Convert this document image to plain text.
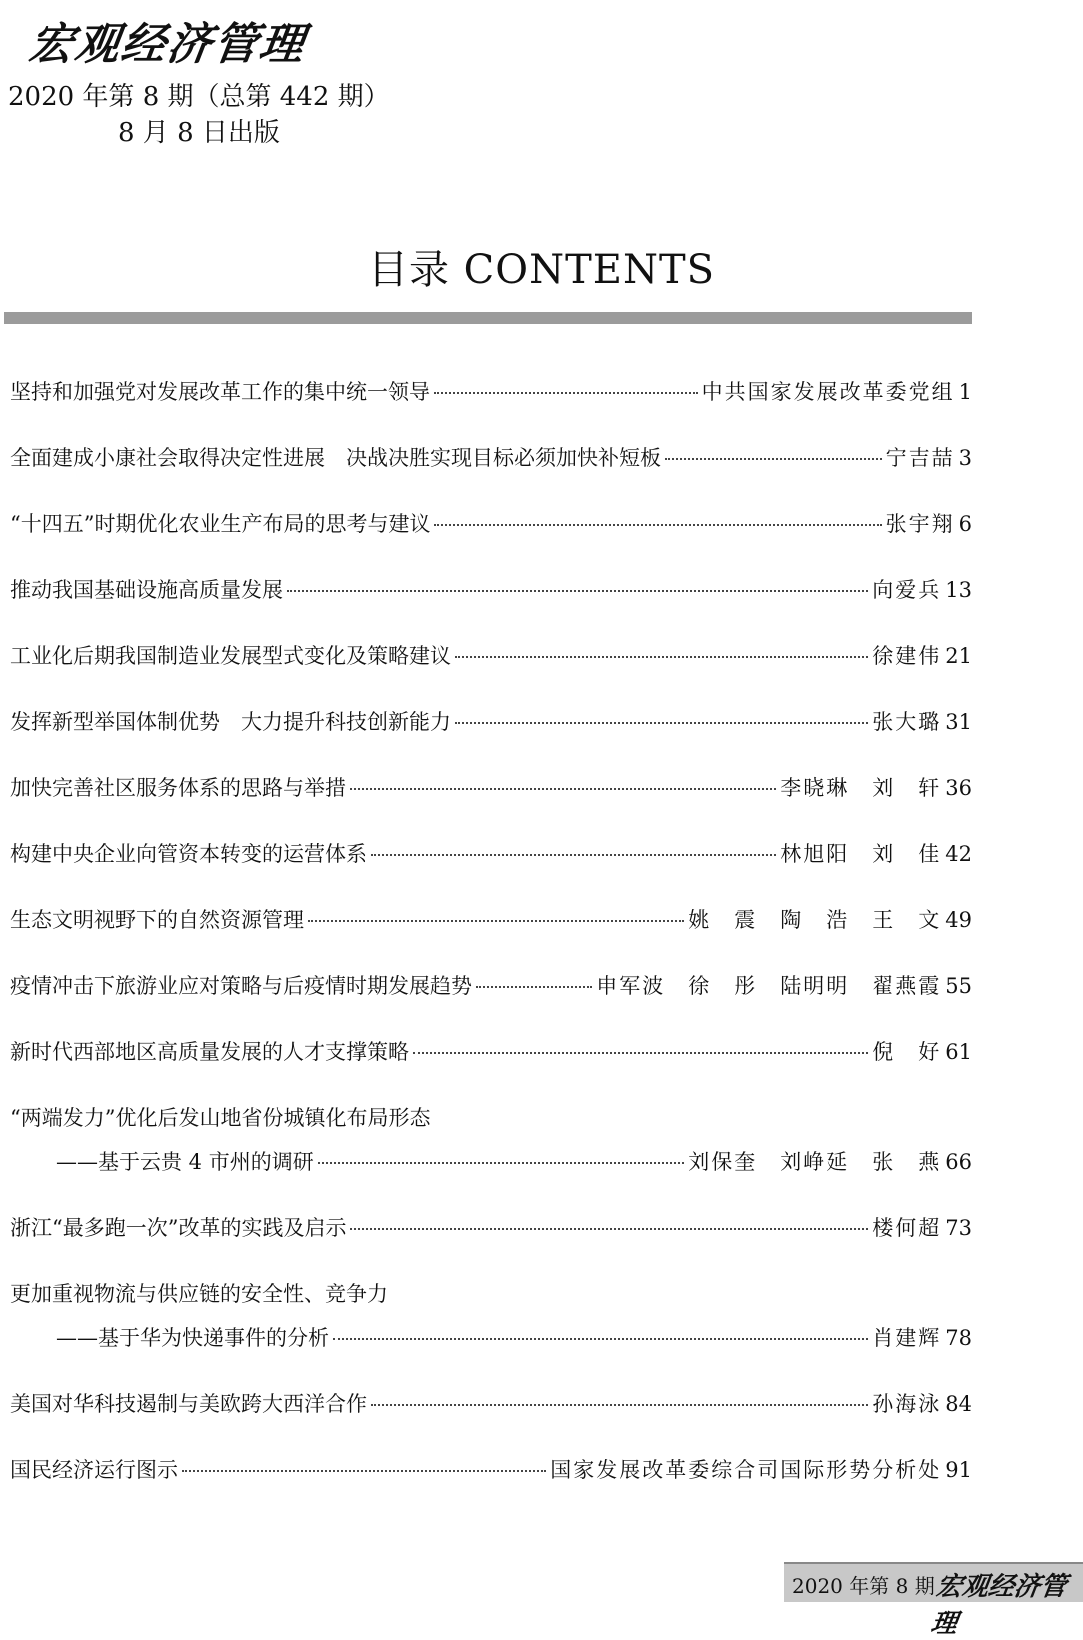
宏观经济管理
2020 年第 8 期（总第 442 期）
8 月 8 日出版
目录 CONTENTS
坚持和加强党对发展改革工作的集中统一领导	中共国家发展改革委党组 1
全面建成小康社会取得决定性进展　决战决胜实现目标必须加快补短板	宁吉喆 3
“十四五”时期优化农业生产布局的思考与建议	张宇翔 6
推动我国基础设施高质量发展	向爱兵 13
工业化后期我国制造业发展型式变化及策略建议	徐建伟 21
发挥新型举国体制优势　大力提升科技创新能力	张大璐 31
加快完善社区服务体系的思路与举措	李晓琳　刘　轩 36
构建中央企业向管资本转变的运营体系	林旭阳　刘　佳 42
生态文明视野下的自然资源管理	姚　震　陶　浩　王　文 49
疫情冲击下旅游业应对策略与后疫情时期发展趋势	申军波　徐　彤　陆明明　翟燕霞 55
新时代西部地区高质量发展的人才支撑策略	倪　好 61
“两端发力”优化后发山地省份城镇化布局形态
——基于云贵 4 市州的调研	刘保奎　刘峥延　张　燕 66
浙江“最多跑一次”改革的实践及启示	楼何超 73
更加重视物流与供应链的安全性、竞争力
——基于华为快递事件的分析	肖建辉 78
美国对华科技遏制与美欧跨大西洋合作	孙海泳 84
国民经济运行图示	国家发展改革委综合司国际形势分析处 91
2020 年第 8 期 宏观经济管理
